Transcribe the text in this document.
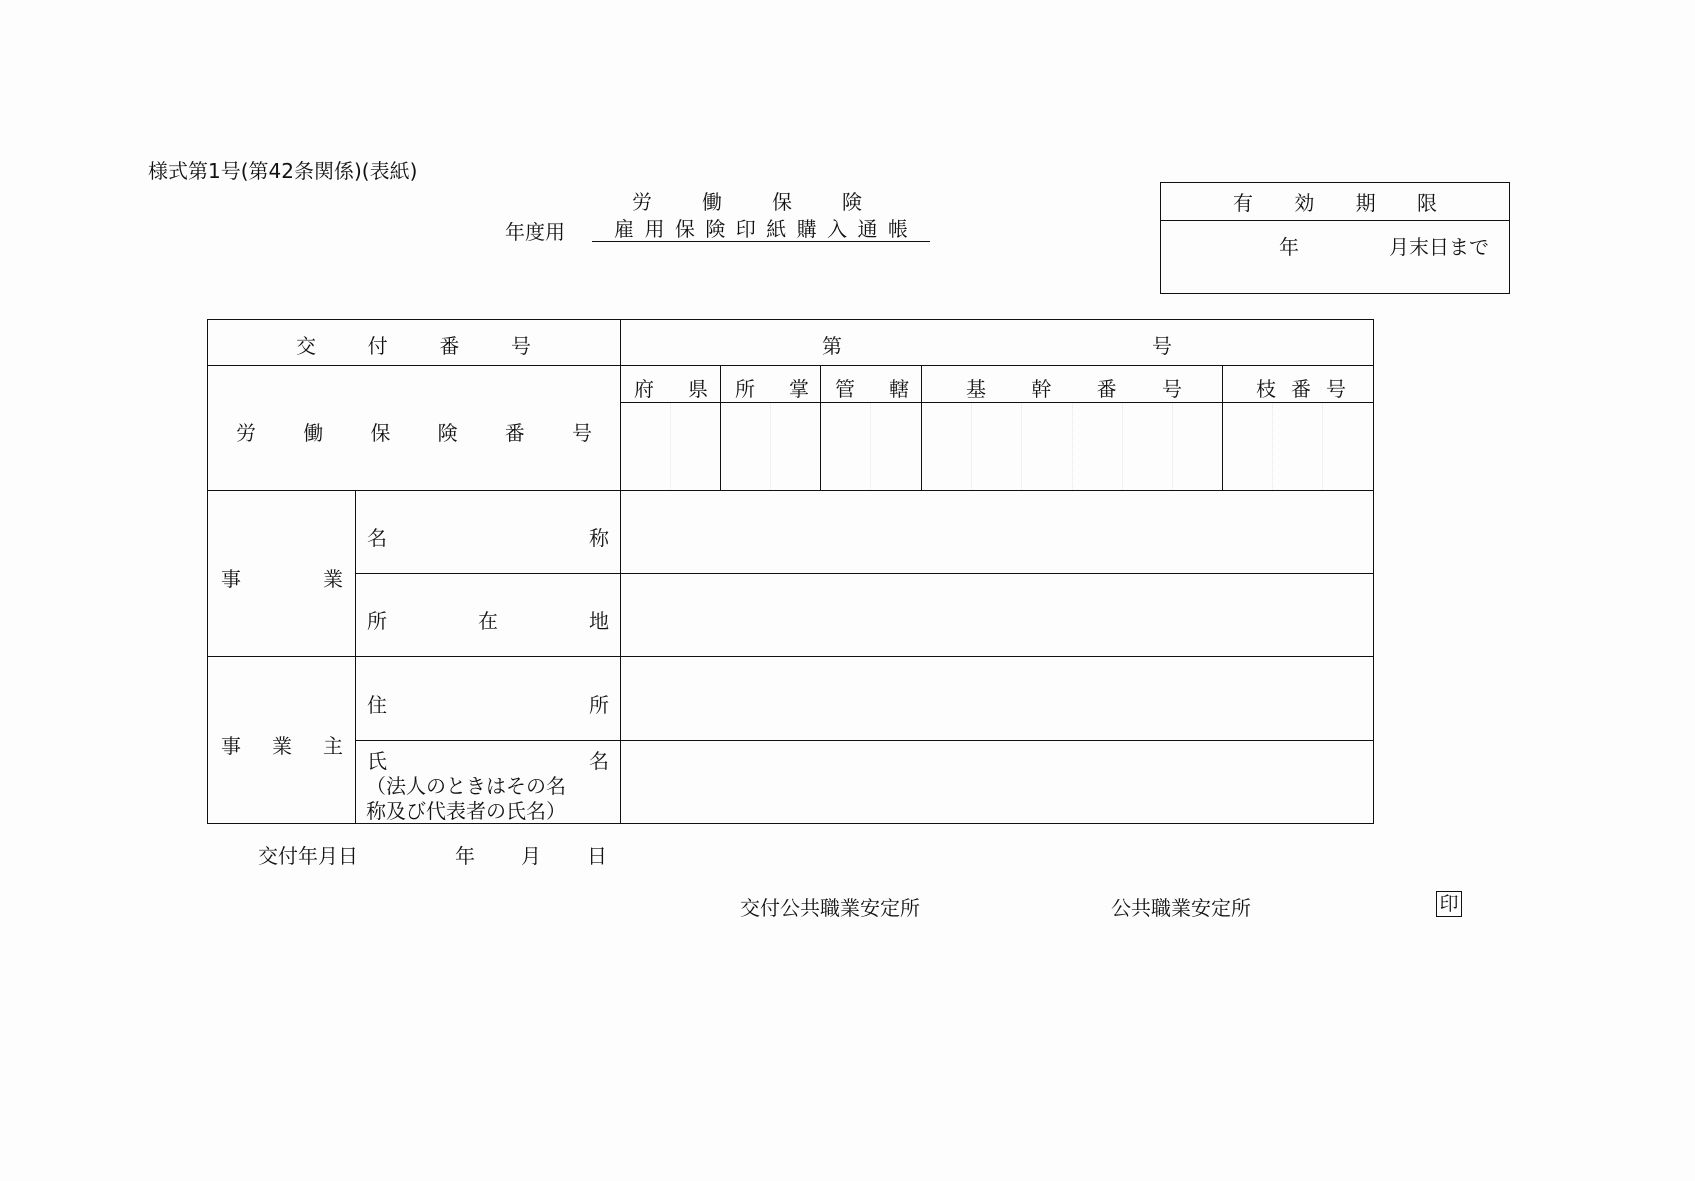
様式第1号(第42条関係)(表紙)
労	働	保	険
年度用 雇 用 保 険 印 紙 購 入 通 帳
有 効 期 限
年	月末日まで
交	付	番	号	第	号
労 働 保 険 番 号
府 県 所 掌 管 轄	基 幹 番 号	枝 番 号
事	業
名	称
所	在	地
事 業 主
住	所
氏	名
（法人のときはその名
称及び代表者の氏名）
交付年月日	年 月 日
交付公共職業安定所	公共職業安定所	印
